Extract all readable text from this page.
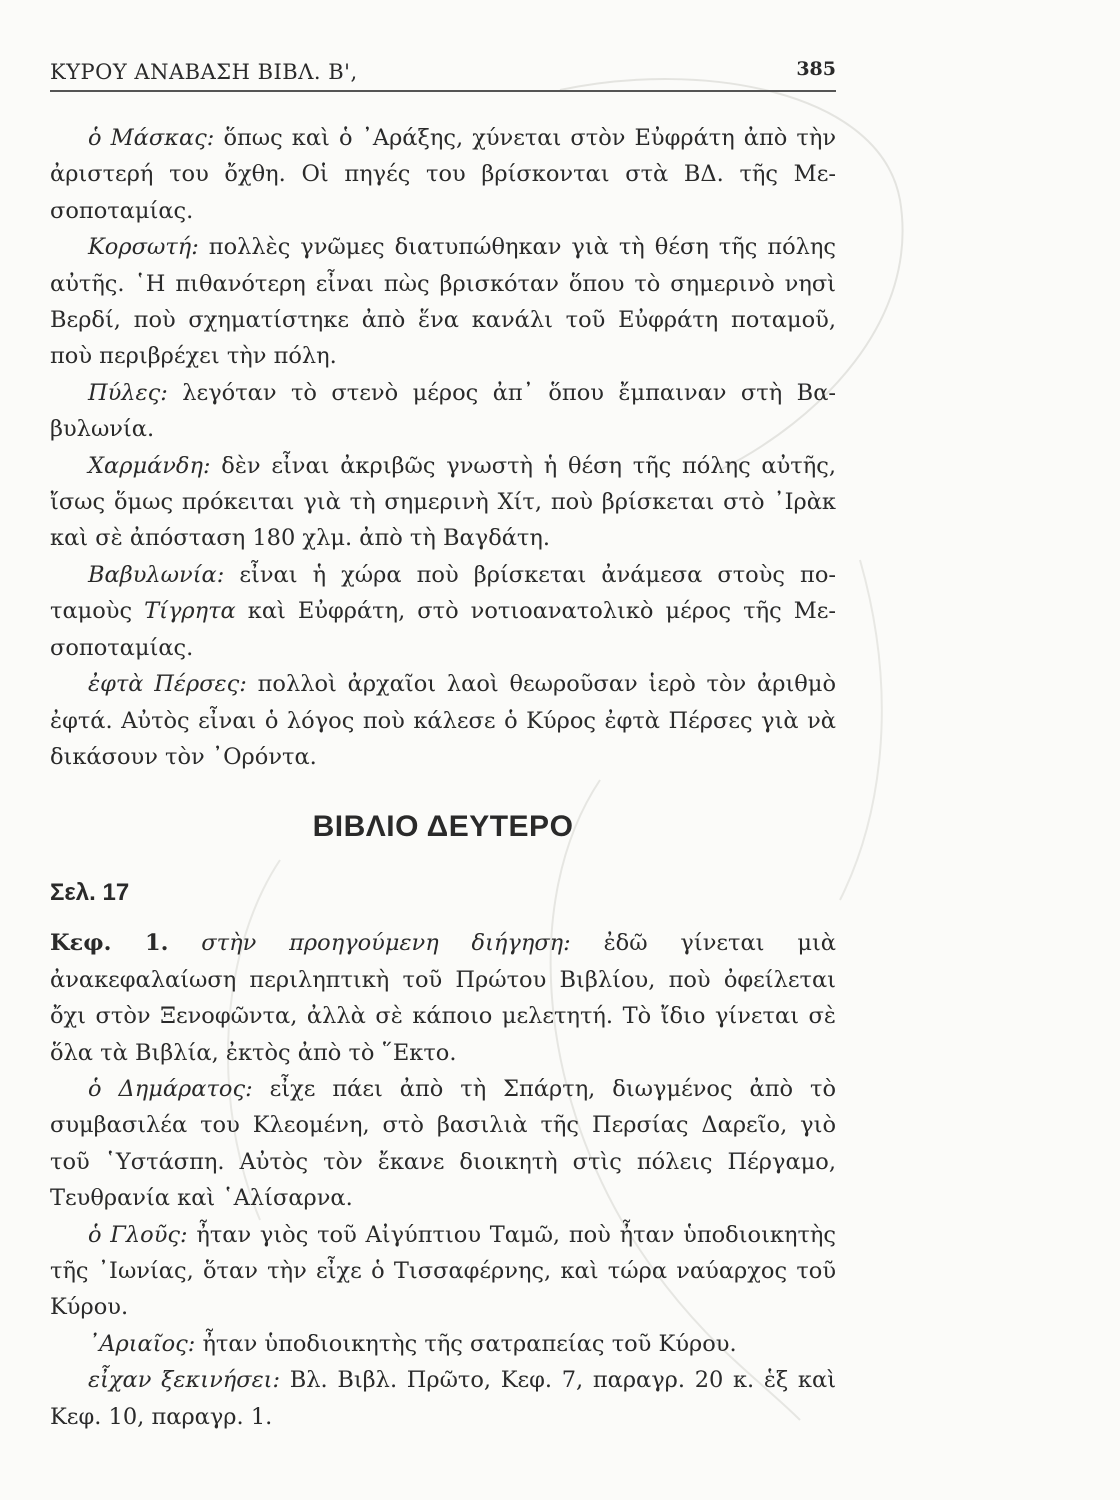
ΚΥΡΟΥ ΑΝΑΒΑΣΗ ΒΙΒΛ. Β',	385

ὁ Μάσκας: ὅπως καὶ ὁ ᾿Αράξης, χύνεται στὸν Εὐφράτη ἀπὸ τὴν ἀριστερή του ὄχθη. Οἱ πηγές του βρίσκονται στὰ ΒΔ. τῆς Μεσοποταμίας.

Κορσωτή: πολλὲς γνῶμες διατυπώθηκαν γιὰ τὴ θέση τῆς πόλης αὐτῆς. ῾Η πιθανότερη εἶναι πὼς βρισκόταν ὅπου τὸ σημερινὸ νησὶ Βερδί, ποὺ σχηματίστηκε ἀπὸ ἕνα κανάλι τοῦ Εὐφράτη ποταμοῦ, ποὺ περιβρέχει τὴν πόλη.

Πύλες: λεγόταν τὸ στενὸ μέρος ἀπ᾿ ὅπου ἔμπαιναν στὴ Βαβυλωνία.

Χαρμάνδη: δὲν εἶναι ἀκριβῶς γνωστὴ ἡ θέση τῆς πόλης αὐτῆς, ἴσως ὅμως πρόκειται γιὰ τὴ σημερινὴ Χίτ, ποὺ βρίσκεται στὸ ᾿Ιρὰκ καὶ σὲ ἀπόσταση 180 χλμ. ἀπὸ τὴ Βαγδάτη.

Βαβυλωνία: εἶναι ἡ χώρα ποὺ βρίσκεται ἀνάμεσα στοὺς ποταμοὺς Τίγρητα καὶ Εὐφράτη, στὸ νοτιοανατολικὸ μέρος τῆς Μεσοποταμίας.

ἐφτὰ Πέρσες: πολλοὶ ἀρχαῖοι λαοὶ θεωροῦσαν ἱερὸ τὸν ἀριθμὸ ἐφτά. Αὐτὸς εἶναι ὁ λόγος ποὺ κάλεσε ὁ Κύρος ἐφτὰ Πέρσες γιὰ νὰ δικάσουν τὸν ᾿Ορόντα.

ΒΙΒΛΙΟ ΔΕΥΤΕΡΟ
Σελ. 17

Κεφ. 1. στὴν προηγούμενη διήγηση: ἐδῶ γίνεται μιὰ ἀνακεφαλαίωση περιληπτικὴ τοῦ Πρώτου Βιβλίου, ποὺ ὀφείλεται ὄχι στὸν Ξενοφῶντα, ἀλλὰ σὲ κάποιο μελετητή. Τὸ ἴδιο γίνεται σὲ ὅλα τὰ Βιβλία, ἐκτὸς ἀπὸ τὸ ῞Εκτο.

ὁ Δημάρατος: εἶχε πάει ἀπὸ τὴ Σπάρτη, διωγμένος ἀπὸ τὸ συμβασιλέα του Κλεομένη, στὸ βασιλιὰ τῆς Περσίας Δαρεῖο, γιὸ τοῦ ῾Υστάσπη. Αὐτὸς τὸν ἔκανε διοικητὴ στὶς πόλεις Πέργαμο, Τευθρανία καὶ ῾Αλίσαρνα.

ὁ Γλοῦς: ἦταν γιὸς τοῦ Αἰγύπτιου Ταμῶ, ποὺ ἦταν ὑποδιοικητὴς τῆς ᾿Ιωνίας, ὅταν τὴν εἶχε ὁ Τισσαφέρνης, καὶ τώρα ναύαρχος τοῦ Κύρου.

᾿Αριαῖος: ἦταν ὑποδιοικητὴς τῆς σατραπείας τοῦ Κύρου.

εἶχαν ξεκινήσει: Βλ. Βιβλ. Πρῶτο, Κεφ. 7, παραγρ. 20 κ. ἑξ καὶ Κεφ. 10, παραγρ. 1.
